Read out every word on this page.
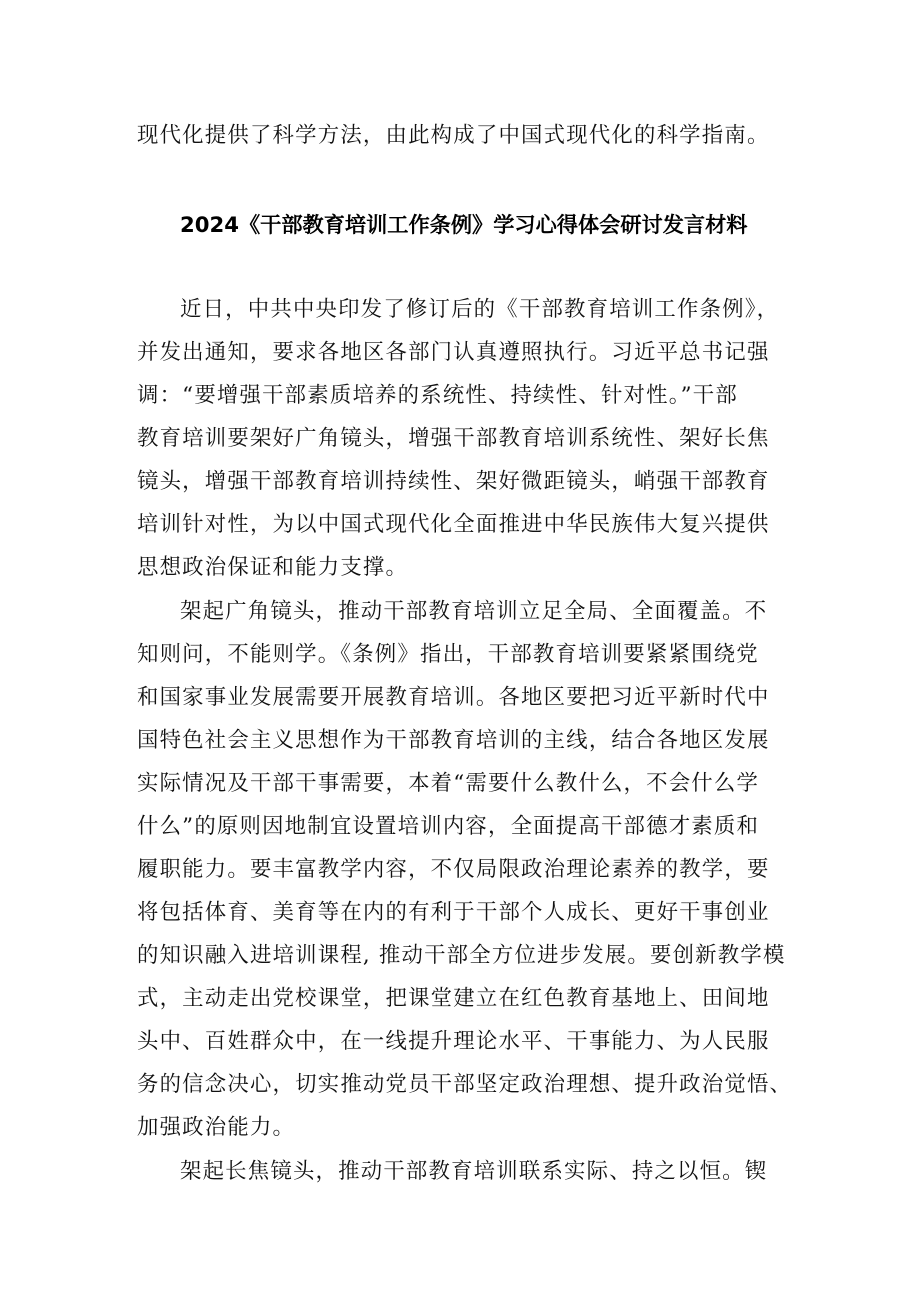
现代化提供了科学方法，由此构成了中国式现代化的科学指南。
2024《干部教育培训工作条例》学习心得体会研讨发言材料
近日，中共中央印发了修订后的《干部教育培训工作条例》，
并发出通知，要求各地区各部门认真遵照执行。习近平总书记强
调：“要增强干部素质培养的系统性、持续性、针对性。”干部
教育培训要架好广角镜头，增强干部教育培训系统性、架好长焦
镜头，增强干部教育培训持续性、架好微距镜头，峭强干部教育
培训针对性，为以中国式现代化全面推进中华民族伟大复兴提供
思想政治保证和能力支撑。
架起广角镜头，推动干部教育培训立足全局、全面覆盖。不
知则问，不能则学。《条例》指出，干部教育培训要紧紧围绕党
和国家事业发展需要开展教育培训。各地区要把习近平新时代中
国特色社会主义思想作为干部教育培训的主线，结合各地区发展
实际情况及干部干事需要，本着“需要什么教什么，不会什么学
什么”的原则因地制宜设置培训内容，全面提高干部德才素质和
履职能力。要丰富教学内容，不仅局限政治理论素养的教学，要
将包括体育、美育等在内的有利于干部个人成长、更好干事创业
的知识融入进培训课程, 推动干部全方位进步发展。要创新教学模
式，主动走出党校课堂，把课堂建立在红色教育基地上、田间地
头中、百姓群众中，在一线提升理论水平、干事能力、为人民服
务的信念决心，切实推动党员干部坚定政治理想、提升政治觉悟、
加强政治能力。
架起长焦镜头，推动干部教育培训联系实际、持之以恒。锲
